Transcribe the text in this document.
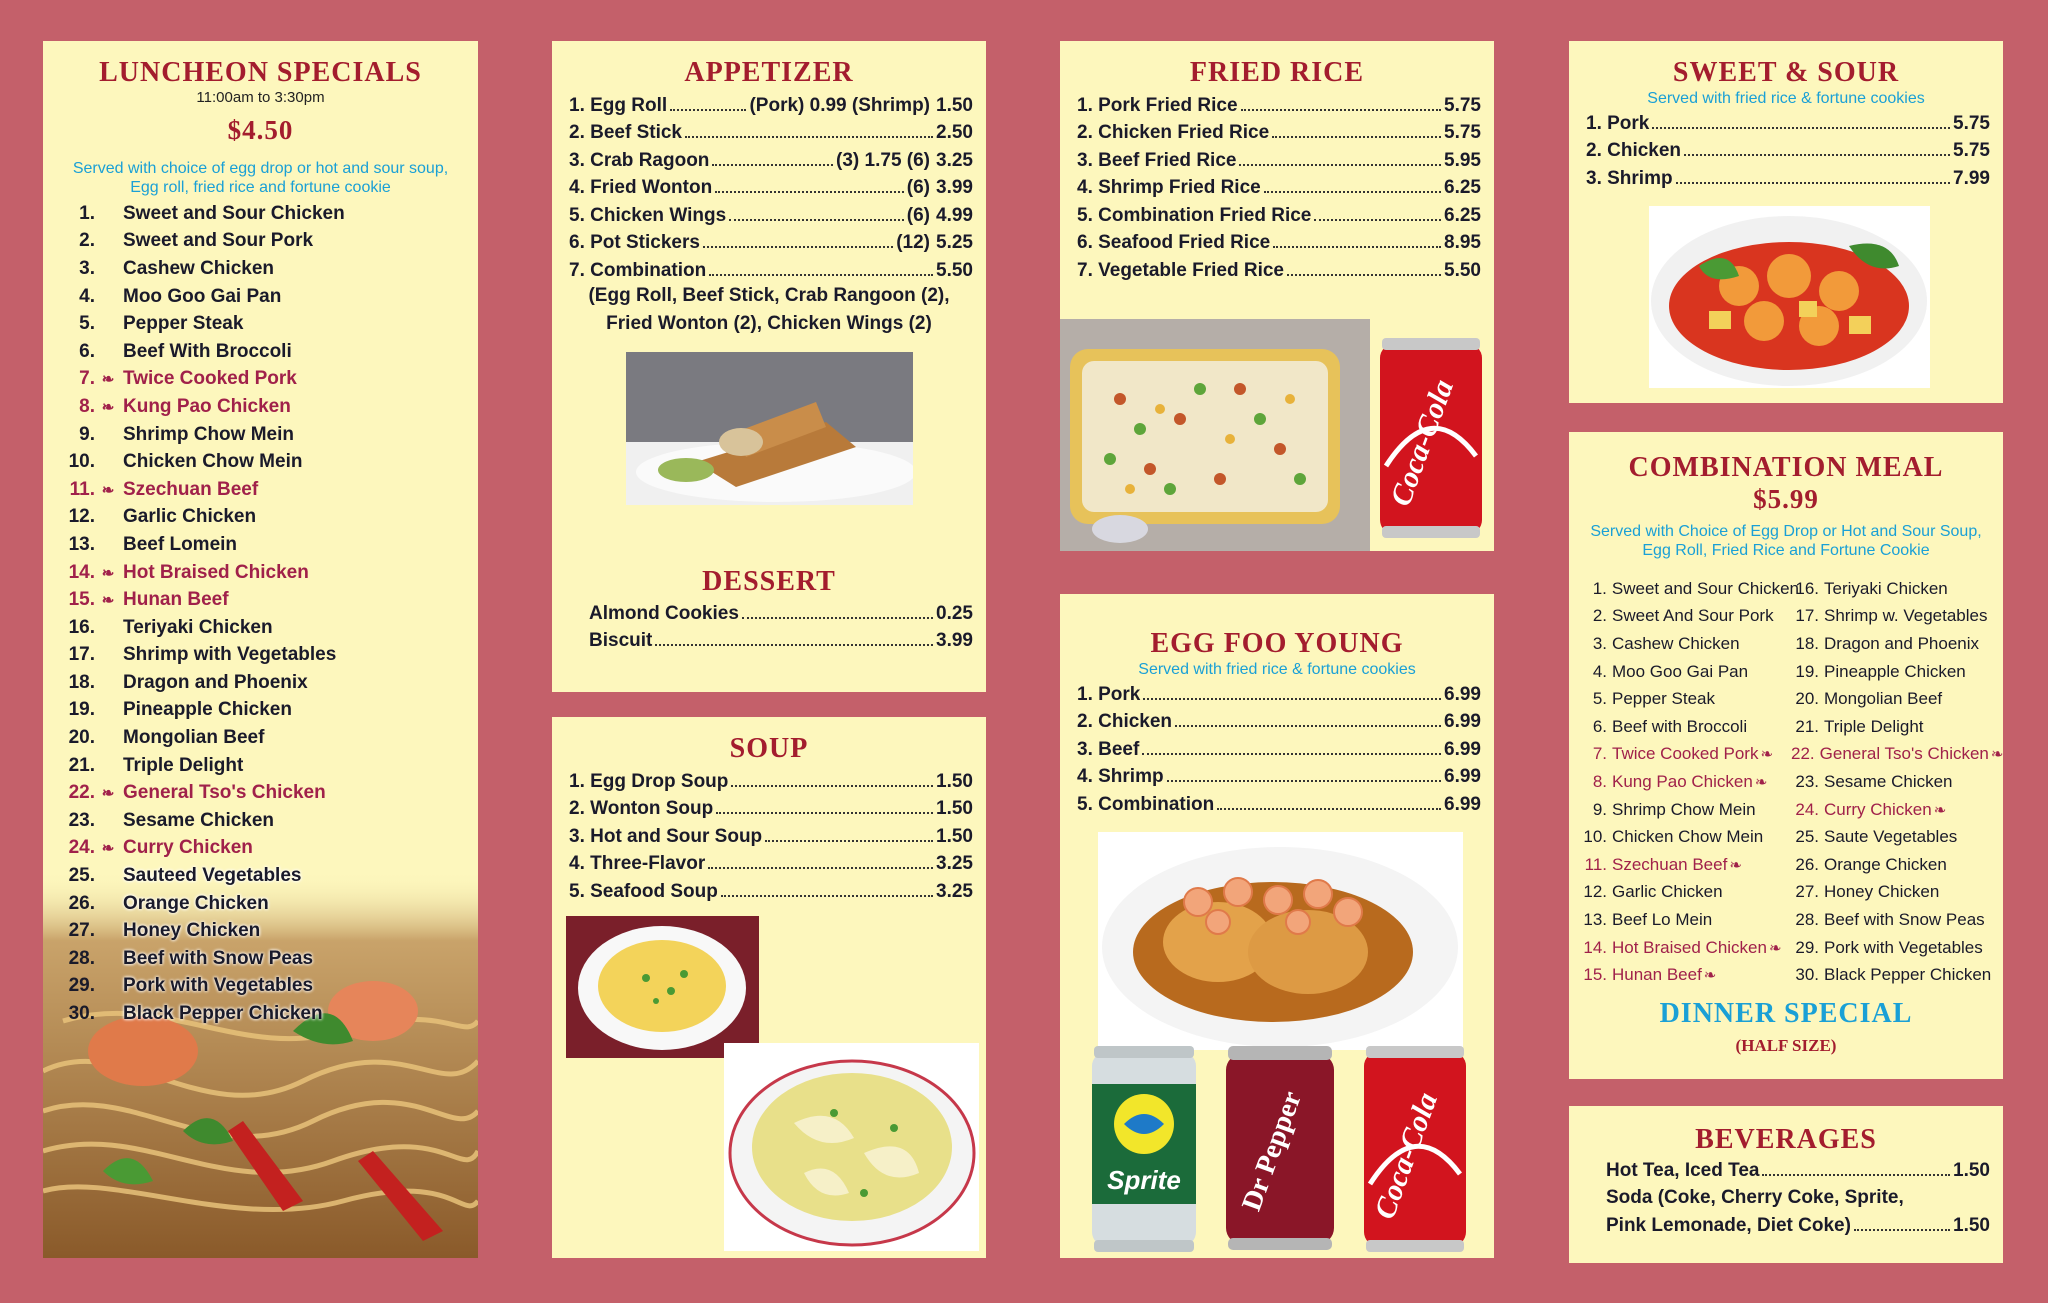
LUNCHEON SPECIALS
11:00am to 3:30pm
$4.50
Served with choice of egg drop or hot and sour soup,
Egg roll, fried rice and fortune cookie
1. Sweet and Sour Chicken
2. Sweet and Sour Pork
3. Cashew Chicken
4. Moo Goo Gai Pan
5. Pepper Steak
6. Beef With Broccoli
7. ❧ Twice Cooked Pork
8. ❧ Kung Pao Chicken
9. Shrimp Chow Mein
10. Chicken Chow Mein
11. ❧ Szechuan Beef
12. Garlic Chicken
13. Beef Lomein
14. ❧ Hot Braised Chicken
15. ❧ Hunan Beef
16. Teriyaki Chicken
17. Shrimp with Vegetables
18. Dragon and Phoenix
19. Pineapple Chicken
20. Mongolian Beef
21. Triple Delight
22. ❧ General Tso's Chicken
23. Sesame Chicken
24. ❧ Curry Chicken
25. Sauteed Vegetables
26. Orange Chicken
27. Honey Chicken
28. Beef with Snow Peas
29. Pork with Vegetables
30. Black Pepper Chicken
APPETIZER
1. Egg Roll	(Pork) 0.99 (Shrimp) 1.50
2. Beef Stick	2.50
3. Crab Ragoon	(3) 1.75 (6) 3.25
4. Fried Wonton	(6) 3.99
5. Chicken Wings	(6) 4.99
6. Pot Stickers	(12) 5.25
7. Combination	5.50
(Egg Roll, Beef Stick, Crab Rangoon (2),
Fried Wonton (2), Chicken Wings (2)
DESSERT
Almond Cookies	0.25
Biscuit	3.99
SOUP
1. Egg Drop Soup	1.50
2. Wonton Soup	1.50
3. Hot and Sour Soup	1.50
4. Three-Flavor	3.25
5. Seafood Soup	3.25
FRIED RICE
1. Pork Fried Rice	5.75
2. Chicken Fried Rice	5.75
3. Beef Fried Rice	5.95
4. Shrimp Fried Rice	6.25
5. Combination Fried Rice	6.25
6. Seafood Fried Rice	8.95
7. Vegetable Fried Rice	5.50
Coca-Cola
EGG FOO YOUNG
Served with fried rice & fortune cookies
1. Pork	6.99
2. Chicken	6.99
3. Beef	6.99
4. Shrimp	6.99
5. Combination	6.99
Sprite Dr Pepper Coca-Cola
SWEET & SOUR
Served with fried rice & fortune cookies
1. Pork	5.75
2. Chicken	5.75
3. Shrimp	7.99
COMBINATION MEAL
$5.99
Served with Choice of Egg Drop or Hot and Sour Soup,
Egg Roll, Fried Rice and Fortune Cookie
1. Sweet and Sour Chicken
2. Sweet And Sour Pork
3. Cashew Chicken
4. Moo Goo Gai Pan
5. Pepper Steak
6. Beef with Broccoli
7. Twice Cooked Pork ❧
8. Kung Pao Chicken ❧
9. Shrimp Chow Mein
10. Chicken Chow Mein
11. Szechuan Beef ❧
12. Garlic Chicken
13. Beef Lo Mein
14. Hot Braised Chicken ❧
15. Hunan Beef ❧
16. Teriyaki Chicken
17. Shrimp w. Vegetables
18. Dragon and Phoenix
19. Pineapple Chicken
20. Mongolian Beef
21. Triple Delight
22. General Tso's Chicken ❧
23. Sesame Chicken
24. Curry Chicken ❧
25. Saute Vegetables
26. Orange Chicken
27. Honey Chicken
28. Beef with Snow Peas
29. Pork with Vegetables
30. Black Pepper Chicken
DINNER SPECIAL
(HALF SIZE)
BEVERAGES
Hot Tea, Iced Tea	1.50
Soda (Coke, Cherry Coke, Sprite,
Pink Lemonade, Diet Coke)	1.50
